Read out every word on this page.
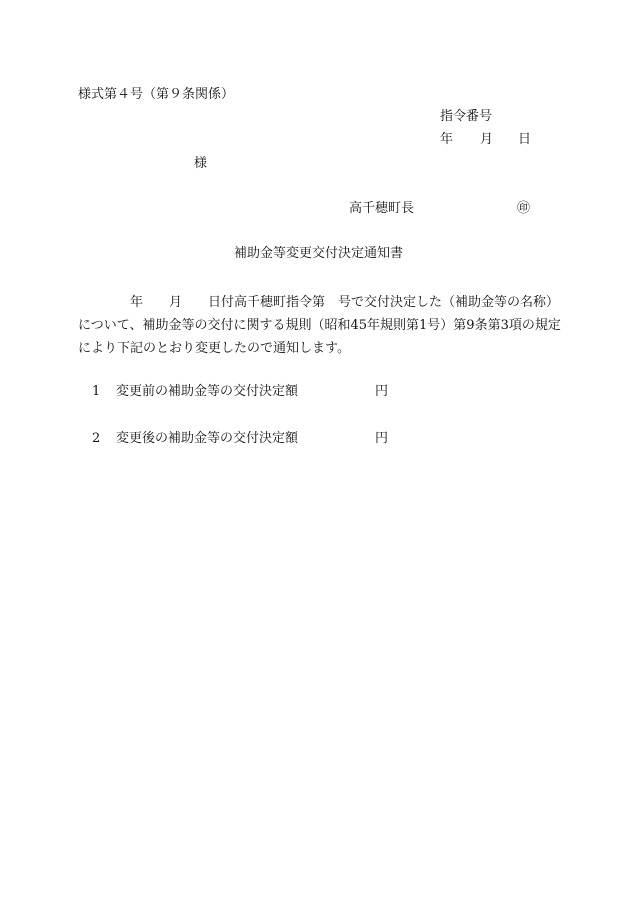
様式第４号（第９条関係）
指令番号
年 月 日
様
高千穂町長	㊞
補助金等変更交付決定通知書
　　　　年　　月　　日付高千穂町指令第　号で交付決定した（補助金等の名称）
について、補助金等の交付に関する規則（昭和45年規則第1号）第9条第3項の規定
により下記のとおり変更したので通知します。
1 変更前の補助金等の交付決定額	円
2 変更後の補助金等の交付決定額	円
